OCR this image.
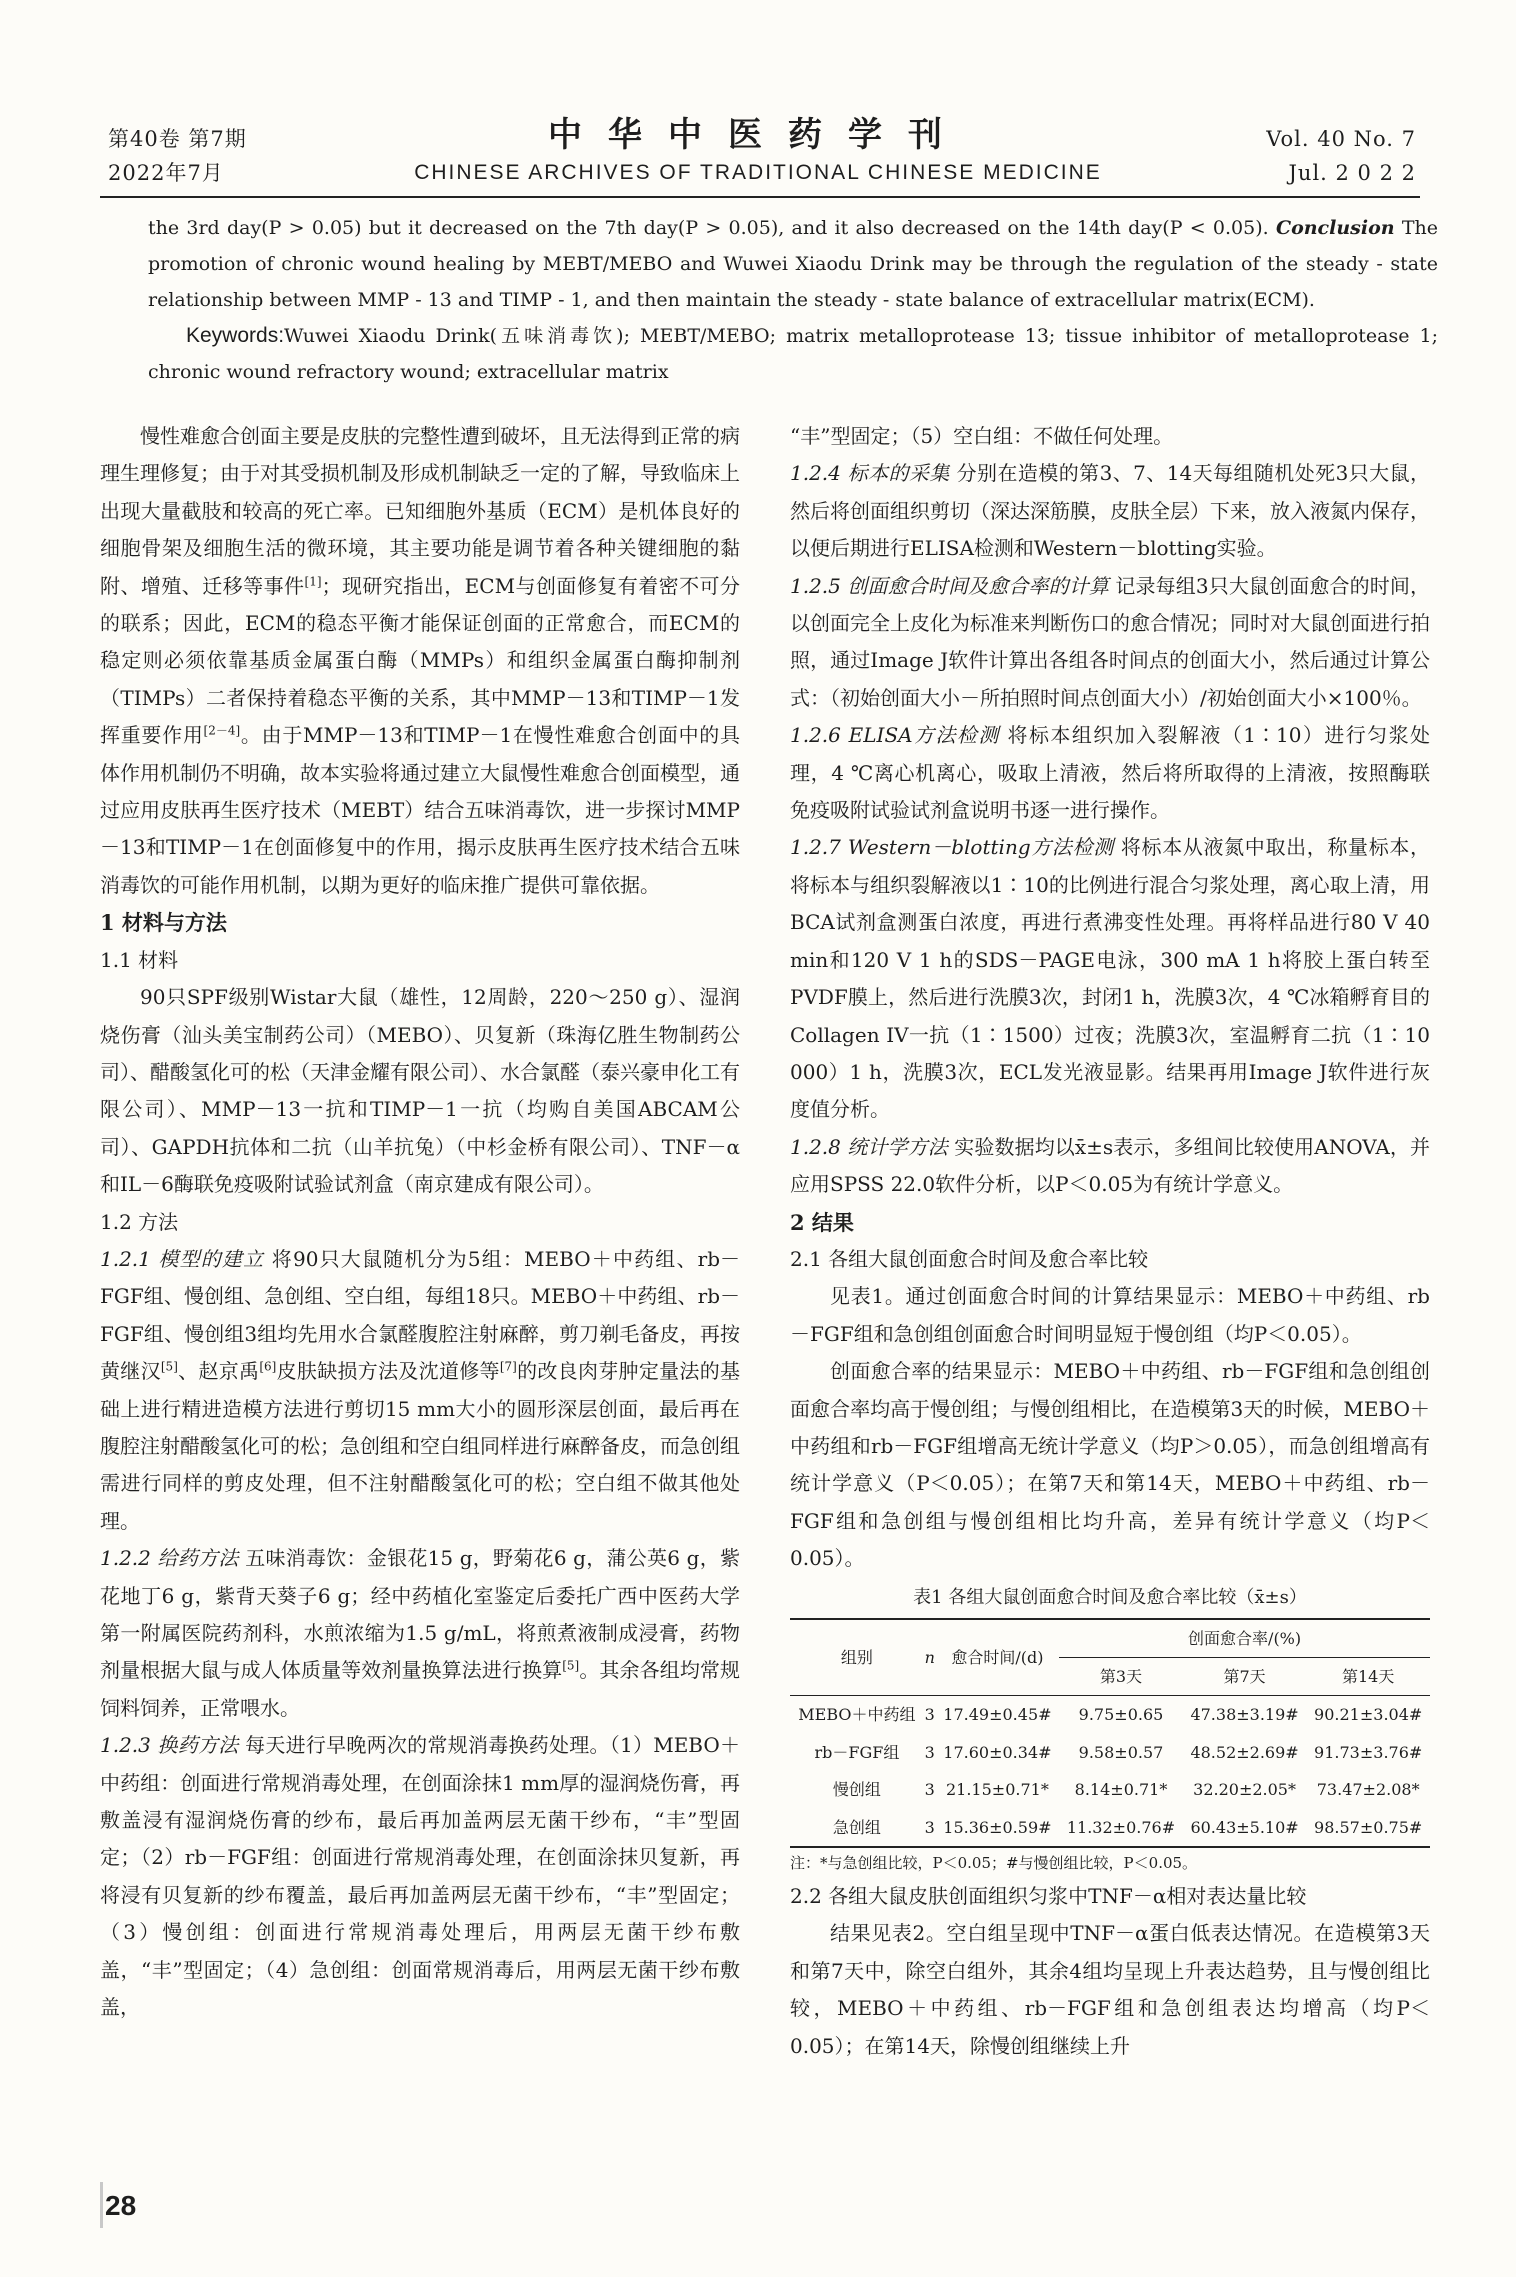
第40卷 第7期
2022年7月
中华中医药学刊
CHINESE ARCHIVES OF TRADITIONAL CHINESE MEDICINE
Vol. 40 No. 7
Jul. 2 0 2 2

the 3rd day(P > 0.05) but it decreased on the 7th day(P > 0.05), and it also decreased on the 14th day(P < 0.05). Conclusion The promotion of chronic wound healing by MEBT/MEBO and Wuwei Xiaodu Drink may be through the regulation of the steady - state relationship between MMP - 13 and TIMP - 1, and then maintain the steady - state balance of extracellular matrix(ECM).

Keywords:Wuwei Xiaodu Drink(五味消毒饮); MEBT/MEBO; matrix metalloprotease 13; tissue inhibitor of metalloprotease 1; chronic wound refractory wound; extracellular matrix

慢性难愈合创面主要是皮肤的完整性遭到破坏，且无法得到正常的病理生理修复；由于对其受损机制及形成机制缺乏一定的了解，导致临床上出现大量截肢和较高的死亡率。已知细胞外基质（ECM）是机体良好的细胞骨架及细胞生活的微环境，其主要功能是调节着各种关键细胞的黏附、增殖、迁移等事件[1]；现研究指出，ECM与创面修复有着密不可分的联系；因此，ECM的稳态平衡才能保证创面的正常愈合，而ECM的稳定则必须依靠基质金属蛋白酶（MMPs）和组织金属蛋白酶抑制剂（TIMPs）二者保持着稳态平衡的关系，其中MMP－13和TIMP－1发挥重要作用[2－4]。由于MMP－13和TIMP－1在慢性难愈合创面中的具体作用机制仍不明确，故本实验将通过建立大鼠慢性难愈合创面模型，通过应用皮肤再生医疗技术（MEBT）结合五味消毒饮，进一步探讨MMP－13和TIMP－1在创面修复中的作用，揭示皮肤再生医疗技术结合五味消毒饮的可能作用机制，以期为更好的临床推广提供可靠依据。

1 材料与方法
1.1 材料

90只SPF级别Wistar大鼠（雄性，12周龄，220～250 g）、湿润烧伤膏（汕头美宝制药公司）（MEBO）、贝复新（珠海亿胜生物制药公司）、醋酸氢化可的松（天津金耀有限公司）、水合氯醛（泰兴豪申化工有限公司）、MMP－13一抗和TIMP－1一抗（均购自美国ABCAM公司）、GAPDH抗体和二抗（山羊抗兔）（中杉金桥有限公司）、TNF－α和IL－6酶联免疫吸附试验试剂盒（南京建成有限公司）。

1.2 方法

1.2.1 模型的建立 将90只大鼠随机分为5组：MEBO＋中药组、rb－FGF组、慢创组、急创组、空白组，每组18只。MEBO＋中药组、rb－FGF组、慢创组3组均先用水合氯醛腹腔注射麻醉，剪刀剃毛备皮，再按黄继汉[5]、赵京禹[6]皮肤缺损方法及沈道修等[7]的改良肉芽肿定量法的基础上进行精进造模方法进行剪切15 mm大小的圆形深层创面，最后再在腹腔注射醋酸氢化可的松；急创组和空白组同样进行麻醉备皮，而急创组需进行同样的剪皮处理，但不注射醋酸氢化可的松；空白组不做其他处理。

1.2.2 给药方法 五味消毒饮：金银花15 g，野菊花6 g，蒲公英6 g，紫花地丁6 g，紫背天葵子6 g；经中药植化室鉴定后委托广西中医药大学第一附属医院药剂科，水煎浓缩为1.5 g/mL，将煎煮液制成浸膏，药物剂量根据大鼠与成人体质量等效剂量换算法进行换算[5]。其余各组均常规饲料饲养，正常喂水。

1.2.3 换药方法 每天进行早晚两次的常规消毒换药处理。（1）MEBO＋中药组：创面进行常规消毒处理，在创面涂抹1 mm厚的湿润烧伤膏，再敷盖浸有湿润烧伤膏的纱布，最后再加盖两层无菌干纱布，“丰”型固定；（2）rb－FGF组：创面进行常规消毒处理，在创面涂抹贝复新，再将浸有贝复新的纱布覆盖，最后再加盖两层无菌干纱布，“丰”型固定；（3）慢创组：创面进行常规消毒处理后，用两层无菌干纱布敷盖，“丰”型固定；（4）急创组：创面常规消毒后，用两层无菌干纱布敷盖，

“丰”型固定；（5）空白组：不做任何处理。

1.2.4 标本的采集 分别在造模的第3、7、14天每组随机处死3只大鼠，然后将创面组织剪切（深达深筋膜，皮肤全层）下来，放入液氮内保存，以便后期进行ELISA检测和Western－blotting实验。

1.2.5 创面愈合时间及愈合率的计算 记录每组3只大鼠创面愈合的时间，以创面完全上皮化为标准来判断伤口的愈合情况；同时对大鼠创面进行拍照，通过Image J软件计算出各组各时间点的创面大小，然后通过计算公式：（初始创面大小－所拍照时间点创面大小）/初始创面大小×100％。

1.2.6 ELISA方法检测 将标本组织加入裂解液（1∶10）进行匀浆处理，4 ℃离心机离心，吸取上清液，然后将所取得的上清液，按照酶联免疫吸附试验试剂盒说明书逐一进行操作。

1.2.7 Western－blotting方法检测 将标本从液氮中取出，称量标本，将标本与组织裂解液以1∶10的比例进行混合匀浆处理，离心取上清，用BCA试剂盒测蛋白浓度，再进行煮沸变性处理。再将样品进行80 V 40 min和120 V 1 h的SDS－PAGE电泳，300 mA 1 h将胶上蛋白转至PVDF膜上，然后进行洗膜3次，封闭1 h，洗膜3次，4 ℃冰箱孵育目的Collagen IV一抗（1∶1500）过夜；洗膜3次，室温孵育二抗（1∶10 000）1 h，洗膜3次，ECL发光液显影。结果再用Image J软件进行灰度值分析。

1.2.8 统计学方法 实验数据均以x̄±s表示，多组间比较使用ANOVA，并应用SPSS 22.0软件分析，以P＜0.05为有统计学意义。

2 结果
2.1 各组大鼠创面愈合时间及愈合率比较

见表1。通过创面愈合时间的计算结果显示：MEBO＋中药组、rb－FGF组和急创组创面愈合时间明显短于慢创组（均P＜0.05）。

创面愈合率的结果显示：MEBO＋中药组、rb－FGF组和急创组创面愈合率均高于慢创组；与慢创组相比，在造模第3天的时候，MEBO＋中药组和rb－FGF组增高无统计学意义（均P＞0.05），而急创组增高有统计学意义（P＜0.05）；在第7天和第14天，MEBO＋中药组、rb－FGF组和急创组与慢创组相比均升高，差异有统计学意义（均P＜0.05）。

表1 各组大鼠创面愈合时间及愈合率比较（x̄±s）
组别	n	愈合时间/(d)	创面愈合率/(%)		
			第3天	第7天	第14天
MEBO＋中药组	3	17.49±0.45#	9.75±0.65	47.38±3.19#	90.21±3.04#
rb－FGF组	3	17.60±0.34#	9.58±0.57	48.52±2.69#	91.73±3.76#
慢创组	3	21.15±0.71*	8.14±0.71*	32.20±2.05*	73.47±2.08*
急创组	3	15.36±0.59#	11.32±0.76#	60.43±5.10#	98.57±0.75#
注：*与急创组比较，P＜0.05；#与慢创组比较，P＜0.05。
2.2 各组大鼠皮肤创面组织匀浆中TNF－α相对表达量比较

结果见表2。空白组呈现中TNF－α蛋白低表达情况。在造模第3天和第7天中，除空白组外，其余4组均呈现上升表达趋势，且与慢创组比较，MEBO＋中药组、rb－FGF组和急创组表达均增高（均P＜0.05）；在第14天，除慢创组继续上升

28
